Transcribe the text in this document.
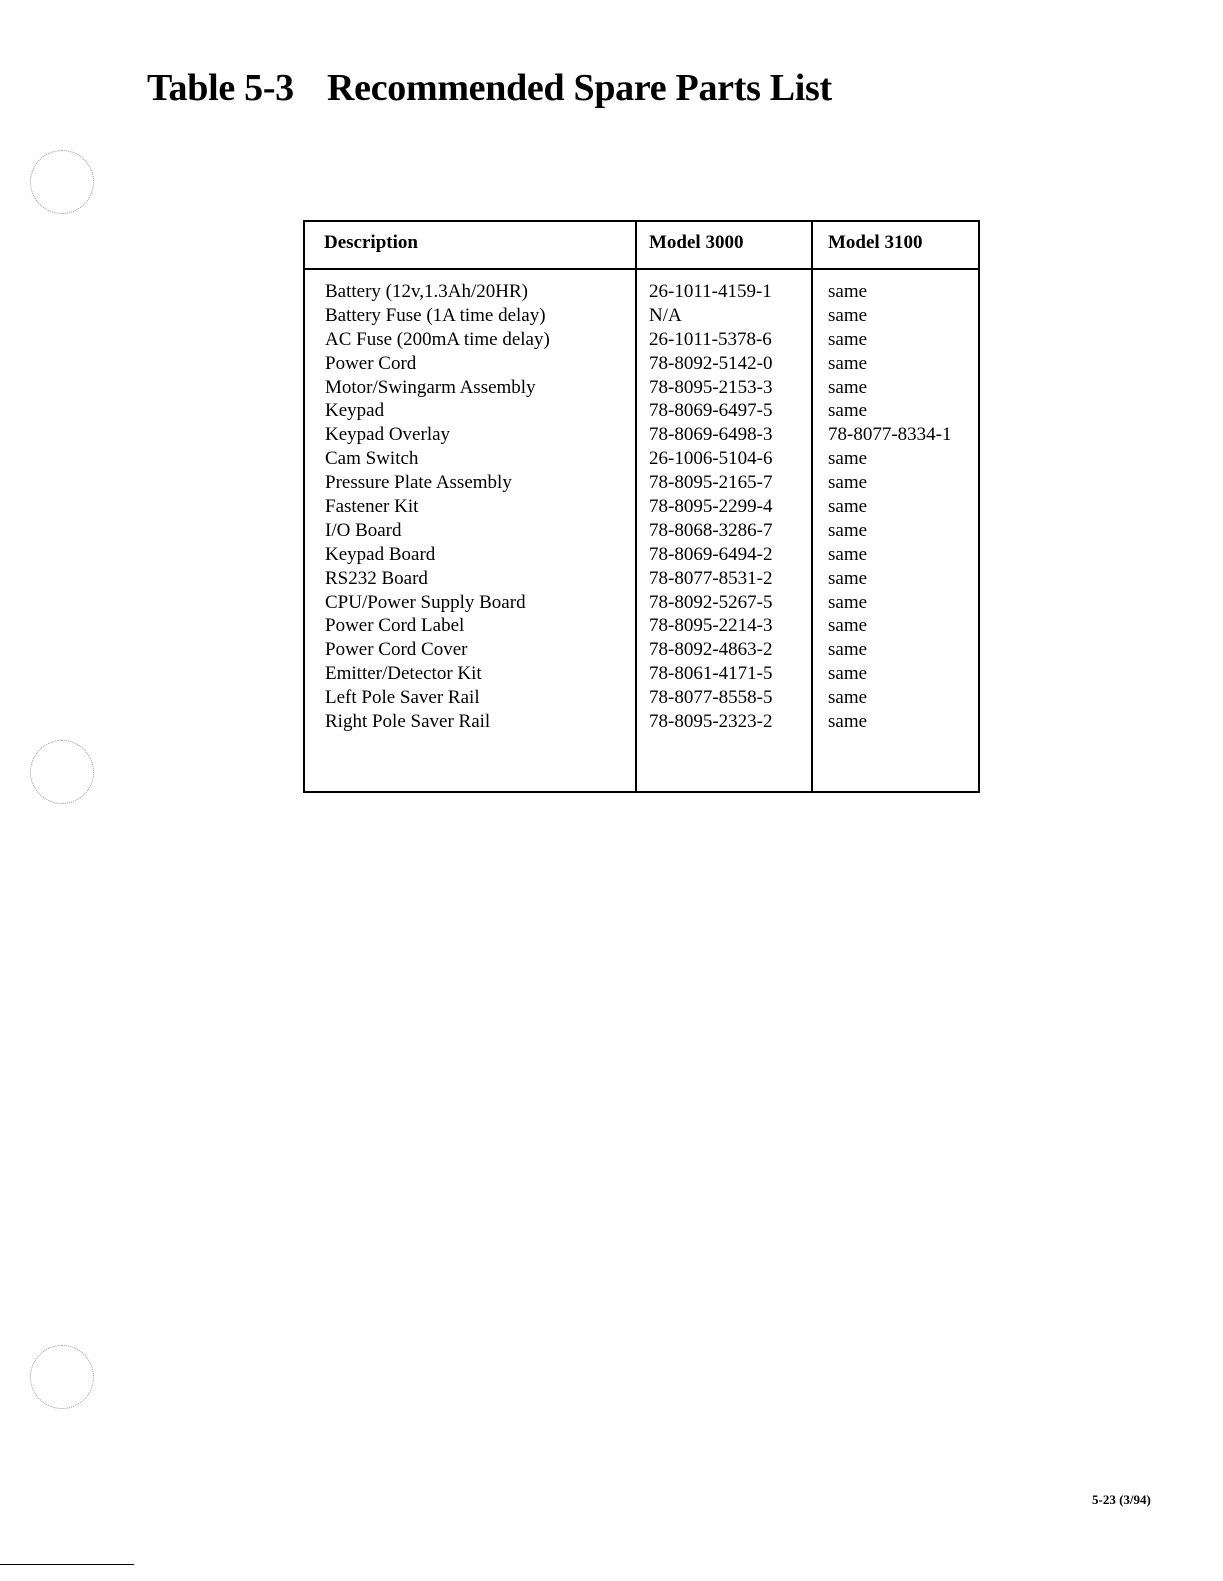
Table 5-3 Recommended Spare Parts List
Description	Model 3000	Model 3100
Battery (12v,1.3Ah/20HR)	26-1011-4159-1	same
Battery Fuse (1A time delay)	N/A	same
AC Fuse (200mA time delay)	26-1011-5378-6	same
Power Cord	78-8092-5142-0	same
Motor/Swingarm Assembly	78-8095-2153-3	same
Keypad	78-8069-6497-5	same
Keypad Overlay	78-8069-6498-3	78-8077-8334-1
Cam Switch	26-1006-5104-6	same
Pressure Plate Assembly	78-8095-2165-7	same
Fastener Kit	78-8095-2299-4	same
I/O Board	78-8068-3286-7	same
Keypad Board	78-8069-6494-2	same
RS232 Board	78-8077-8531-2	same
CPU/Power Supply Board	78-8092-5267-5	same
Power Cord Label	78-8095-2214-3	same
Power Cord Cover	78-8092-4863-2	same
Emitter/Detector Kit	78-8061-4171-5	same
Left Pole Saver Rail	78-8077-8558-5	same
Right Pole Saver Rail	78-8095-2323-2	same
5-23 (3/94)
